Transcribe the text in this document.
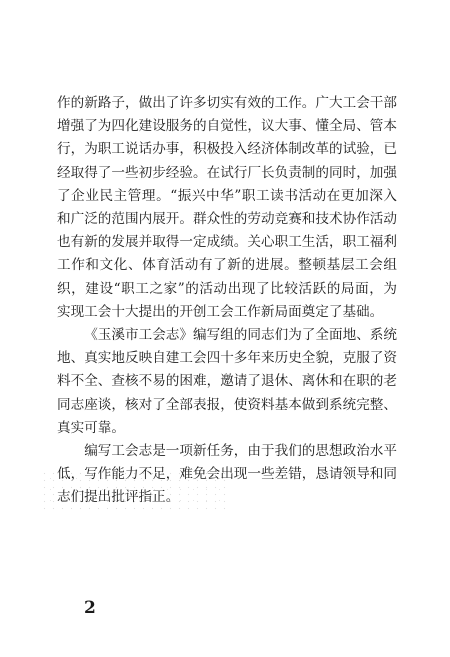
作的新路子，做出了许多切实有效的工作。广大工会干部增强了为四化建设服务的自觉性，议大事、懂全局、管本行，为职工说话办事，积极投入经济体制改革的试验，已经取得了一些初步经验。在试行厂长负责制的同时，加强了企业民主管理。“振兴中华”职工读书活动在更加深入和广泛的范围内展开。群众性的劳动竞赛和技术协作活动也有新的发展并取得一定成绩。关心职工生活，职工福利工作和文化、体育活动有了新的进展。整顿基层工会组织，建设“职工之家”的活动出现了比较活跃的局面，为实现工会十大提出的开创工会工作新局面奠定了基础。

《玉溪市工会志》编写组的同志们为了全面地、系统地、真实地反映自建工会四十多年来历史全貌，克服了资料不全、查核不易的困难，邀请了退休、离休和在职的老同志座谈，核对了全部表报，使资料基本做到系统完整、真实可靠。

编写工会志是一项新任务，由于我们的思想政治水平低，写作能力不足，难免会出现一些差错，恳请领导和同志们提出批评指正。

2
